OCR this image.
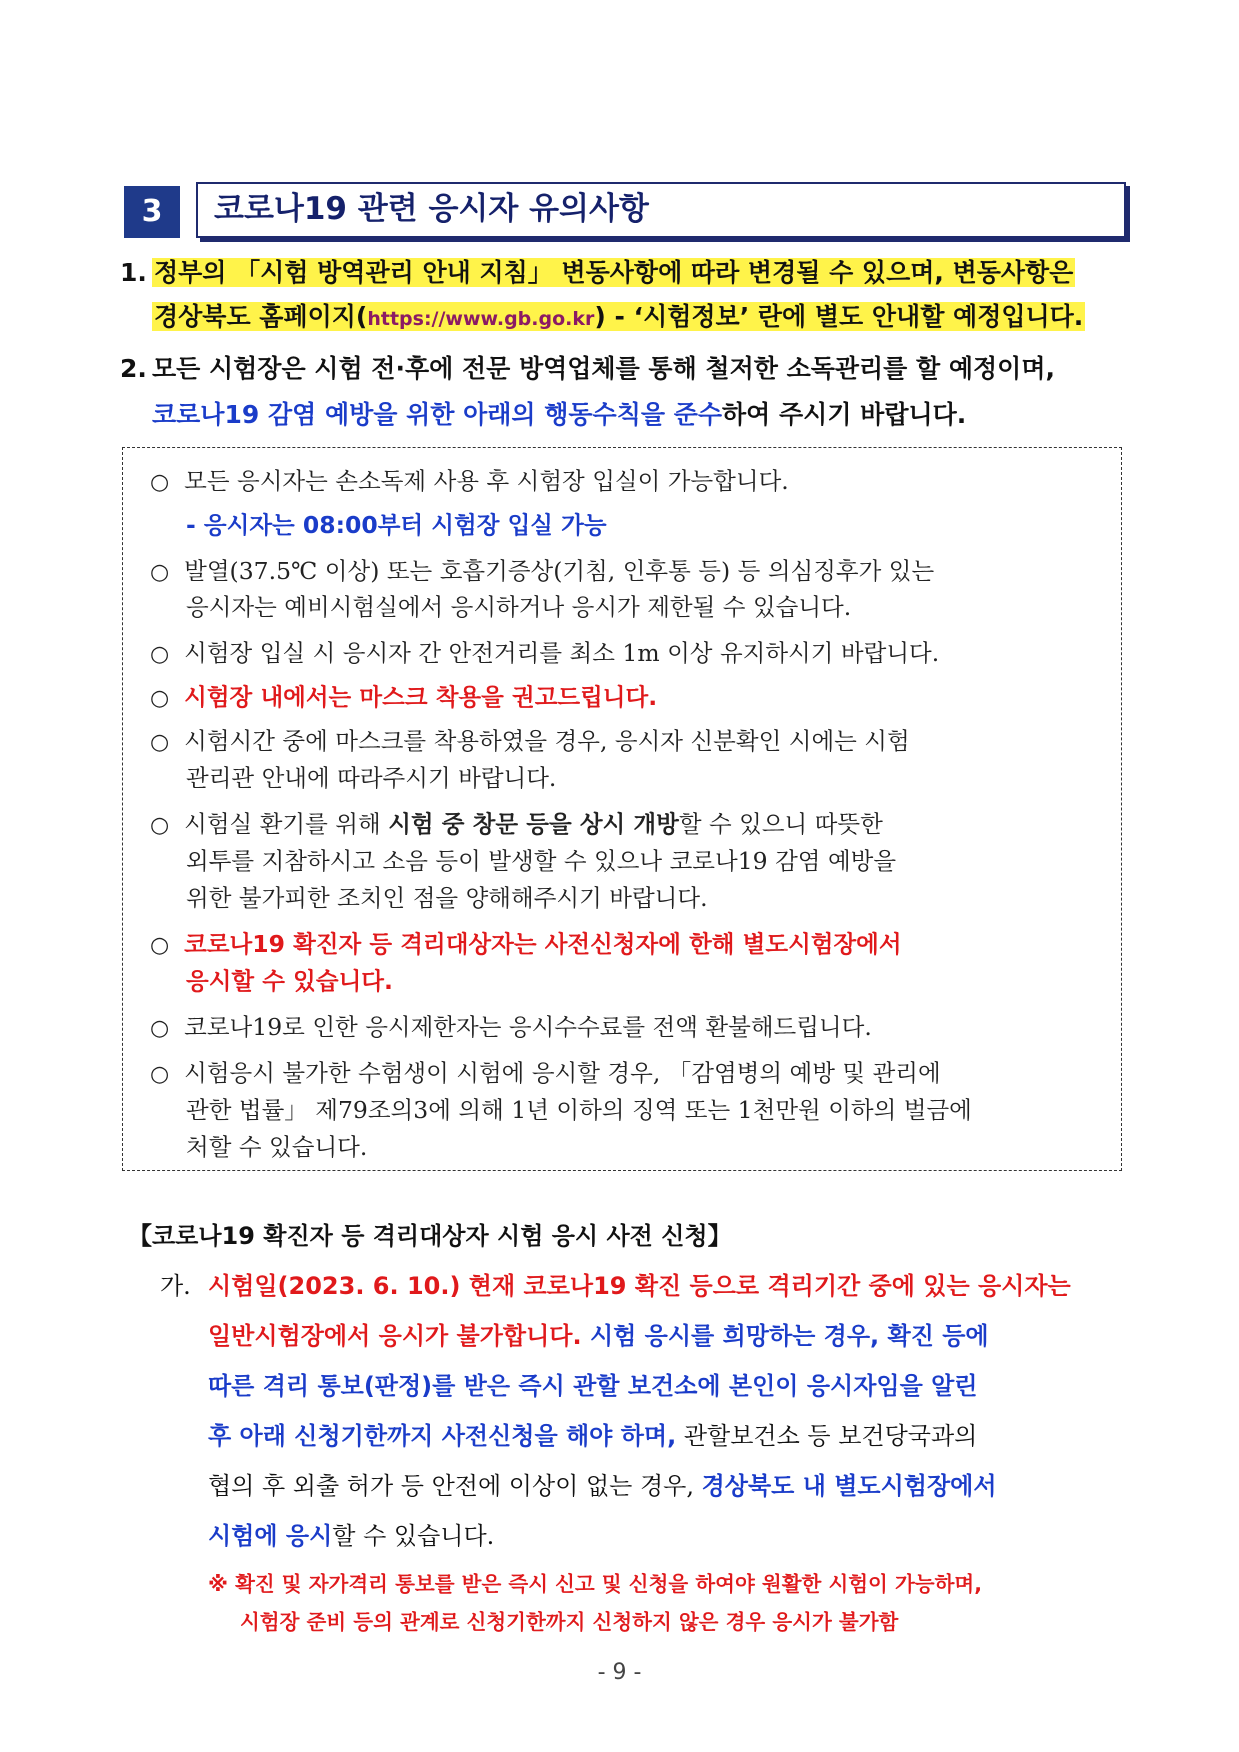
3	코로나19 관련 응시자 유의사항
1. 정부의 「시험 방역관리 안내 지침」 변동사항에 따라 변경될 수 있으며, 변동사항은
경상북도 홈페이지(https://www.gb.go.kr) - ‘시험정보’ 란에 별도 안내할 예정입니다.
2. 모든 시험장은 시험 전·후에 전문 방역업체를 통해 철저한 소독관리를 할 예정이며,
코로나19 감염 예방을 위한 아래의 행동수칙을 준수하여 주시기 바랍니다.
○ 모든 응시자는 손소독제 사용 후 시험장 입실이 가능합니다.
- 응시자는 08:00부터 시험장 입실 가능
○ 발열(37.5℃ 이상) 또는 호흡기증상(기침, 인후통 등) 등 의심징후가 있는
응시자는 예비시험실에서 응시하거나 응시가 제한될 수 있습니다.
○ 시험장 입실 시 응시자 간 안전거리를 최소 1m 이상 유지하시기 바랍니다.
○ 시험장 내에서는 마스크 착용을 권고드립니다.
○ 시험시간 중에 마스크를 착용하였을 경우, 응시자 신분확인 시에는 시험
관리관 안내에 따라주시기 바랍니다.
○ 시험실 환기를 위해 시험 중 창문 등을 상시 개방할 수 있으니 따뜻한
외투를 지참하시고 소음 등이 발생할 수 있으나 코로나19 감염 예방을
위한 불가피한 조치인 점을 양해해주시기 바랍니다.
○ 코로나19 확진자 등 격리대상자는 사전신청자에 한해 별도시험장에서
응시할 수 있습니다.
○ 코로나19로 인한 응시제한자는 응시수수료를 전액 환불해드립니다.
○ 시험응시 불가한 수험생이 시험에 응시할 경우, 「감염병의 예방 및 관리에
관한 법률」 제79조의3에 의해 1년 이하의 징역 또는 1천만원 이하의 벌금에
처할 수 있습니다.
【코로나19 확진자 등 격리대상자 시험 응시 사전 신청】
가. 시험일(2023. 6. 10.) 현재 코로나19 확진 등으로 격리기간 중에 있는 응시자는
일반시험장에서 응시가 불가합니다. 시험 응시를 희망하는 경우, 확진 등에
따른 격리 통보(판정)를 받은 즉시 관할 보건소에 본인이 응시자임을 알린
후 아래 신청기한까지 사전신청을 해야 하며, 관할보건소 등 보건당국과의
협의 후 외출 허가 등 안전에 이상이 없는 경우, 경상북도 내 별도시험장에서
시험에 응시할 수 있습니다.
※ 확진 및 자가격리 통보를 받은 즉시 신고 및 신청을 하여야 원활한 시험이 가능하며,
시험장 준비 등의 관계로 신청기한까지 신청하지 않은 경우 응시가 불가함
- 9 -
